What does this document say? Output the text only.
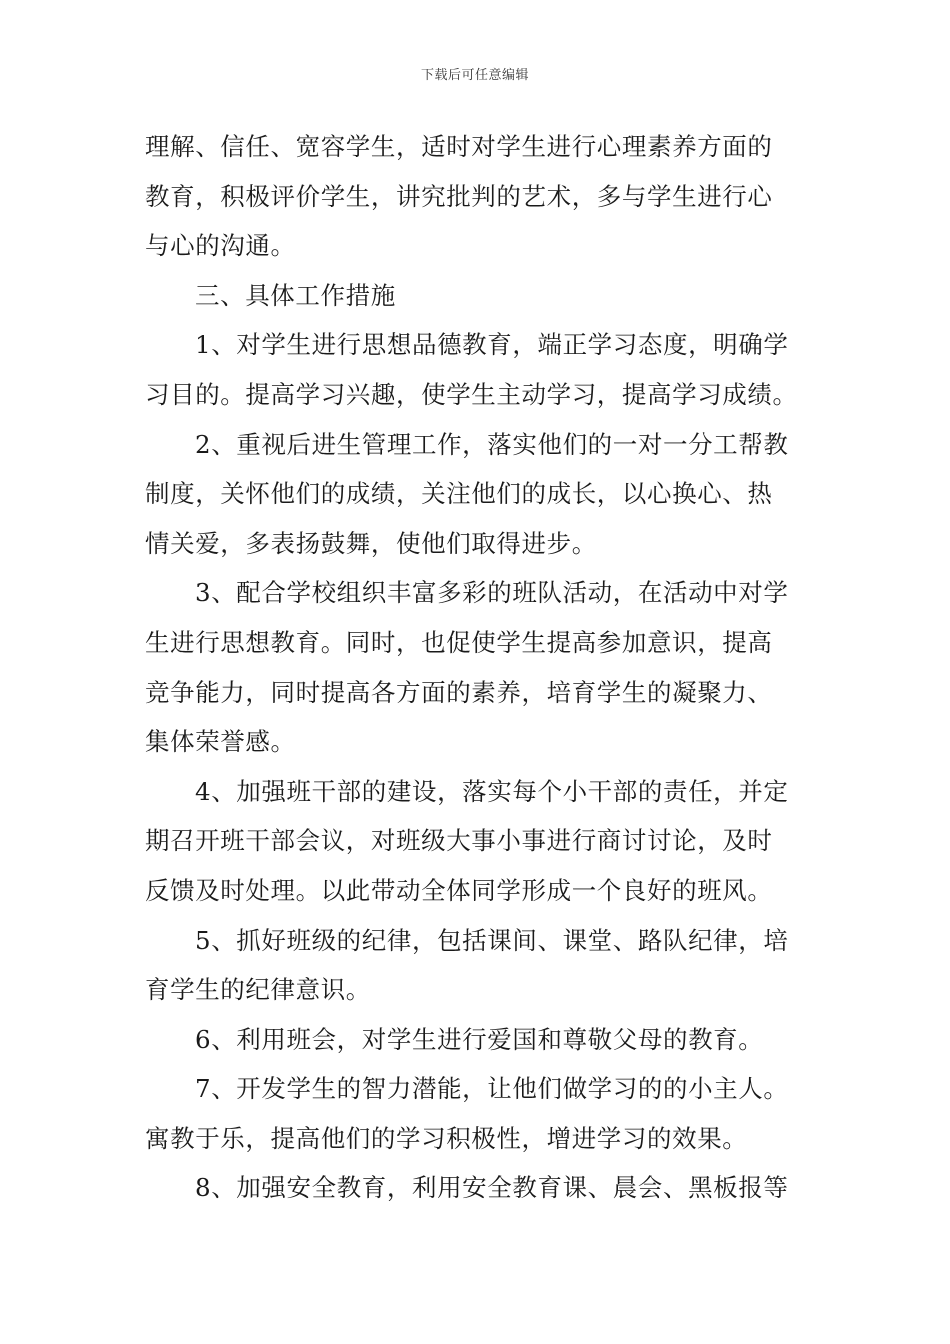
下载后可任意编辑
理解、信任、宽容学生，适时对学生进行心理素养方面的
教育，积极评价学生，讲究批判的艺术，多与学生进行心
与心的沟通。
三、具体工作措施
1、对学生进行思想品德教育，端正学习态度，明确学
习目的。提高学习兴趣，使学生主动学习，提高学习成绩。
2、重视后进生管理工作，落实他们的一对一分工帮教
制度，关怀他们的成绩，关注他们的成长，以心换心、热
情关爱，多表扬鼓舞，使他们取得进步。
3、配合学校组织丰富多彩的班队活动，在活动中对学
生进行思想教育。同时，也促使学生提高参加意识，提高
竞争能力，同时提高各方面的素养，培育学生的凝聚力、
集体荣誉感。
4、加强班干部的建设，落实每个小干部的责任，并定
期召开班干部会议，对班级大事小事进行商讨讨论，及时
反馈及时处理。以此带动全体同学形成一个良好的班风。
5、抓好班级的纪律，包括课间、课堂、路队纪律，培
育学生的纪律意识。
6、利用班会，对学生进行爱国和尊敬父母的教育。
7、开发学生的智力潜能，让他们做学习的的小主人。
寓教于乐，提高他们的学习积极性，增进学习的效果。
8、加强安全教育，利用安全教育课、晨会、黑板报等
